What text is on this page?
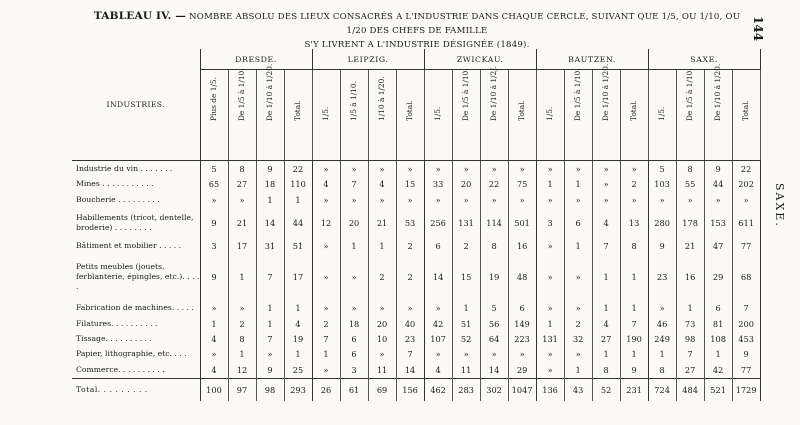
TABLEAU IV. — NOMBRE ABSOLU DES LIEUX CONSACRÉS A L'INDUSTRIE DANS CHAQUE CERCLE, SUIVANT QUE 1/5, OU 1/10, OU 1/20 DES CHEFS DE FAMILLE
S'Y LIVRENT A L'INDUSTRIE DÉSIGNÉE (1849).
144
SAXE.
INDUSTRIES.	DRESDE.				LEIPZIG.				ZWICKAU.				BAUTZEN.				SAXE.			

	Plus de 1/5.	De 1/5 à 1/10.	De 1/10 à 1/20.	Total.	1/5.	1/5 à 1/10.	1/10 à 1/20.	Total.	1/5.	De 1/5 à 1/10.	De 1/10 à 1/2J.	Total.	1/5.	De 1/5 à 1/10.	De 1/10 à 1/20.	Total.	1/5.	De 1/5 à 1/10.	De 1/10 à 1/20.	Total.

Industrie du vin . . . . . . .	5	8	9	22	»	»	»	»	»	»	»	»	»	»	»	»	5	8	9	22
Mines . . . . . . . . . . .	65	27	18	110	4	7	4	15	33	20	22	75	1	1	»	2	103	55	44	202
Boucherie . . . . . . . . .	»	»	1	1	»	»	»	»	»	»	»	»	»	»	»	»	»	»	»	»
Habillements (tricot, dentelle, broderie) . . . . . . . .	9	21	14	44	12	20	21	53	256	131	114	501	3	6	4	13	280	178	153	611
Bâtiment et mobilier . . . . .	3	17	31	51	»	1	1	2	6	2	8	16	»	1	7	8	9	21	47	77
Petits meubles (jouets, ferblanterie, épingles, etc.). . . . .	9	1	7	17	»	»	2	2	14	15	19	48	»	»	1	1	23	16	29	68
Fabrication de machines. . . . .	»	»	1	1	»	»	»	»	»	1	5	6	»	»	1	1	»	1	6	7
Filatures. . . . . . . . . .	1	2	1	4	2	18	20	40	42	51	56	149	1	2	4	7	46	73	81	200
Tissage. . . . . . . . . .	4	8	7	19	7	6	10	23	107	52	64	223	131	32	27	190	249	98	108	453
Papier, lithographie, etc. . . .	»	1	»	1	1	6	»	7	»	»	»	»	»	»	1	1	1	7	1	9
Commerce. . . . . . . . . .	4	12	9	25	»	3	11	14	4	11	14	29	»	1	8	9	8	27	42	77
Total. . . . . . . . .	100	97	98	293	26	61	69	156	462	283	302	1047	136	43	52	231	724	484	521	1729
